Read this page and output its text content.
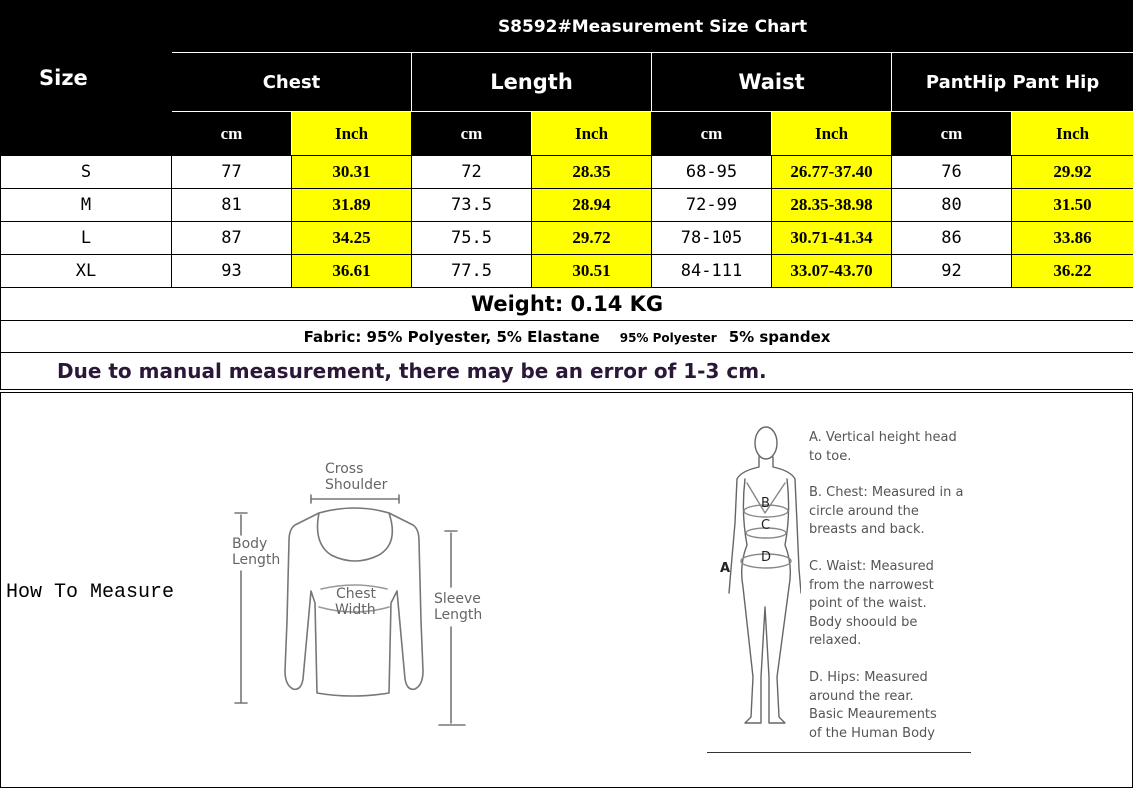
Size	S8592#Measurement Size Chart							
	Chest		Length		Waist		PantHip Pant Hip	
	cm	Inch	cm	Inch	cm	Inch	cm	Inch
S	77	30.31	72	28.35	68-95	26.77-37.40	76	29.92
M	81	31.89	73.5	28.94	72-99	28.35-38.98	80	31.50
L	87	34.25	75.5	29.72	78-105	30.71-41.34	86	33.86
XL	93	36.61	77.5	30.51	84-111	33.07-43.70	92	36.22
Weight: 0.14 KG								
Fabric: 95% Polyester, 5% Elastane 95% Polyester 5% spandex								
Due to manual measurement, there may be an error of 1-3 cm.								
How To Measure
Cross
Shoulder
Body
Length
Chest
Width
Sleeve
Length
B
C
D
A
A. Vertical height head
to toe.
B. Chest: Measured in a
circle around the
breasts and back.
C. Waist: Measured
from the narrowest
point of the waist.
Body shoould be
relaxed.
D. Hips: Measured
around the rear.
Basic Meaurements
of the Human Body
